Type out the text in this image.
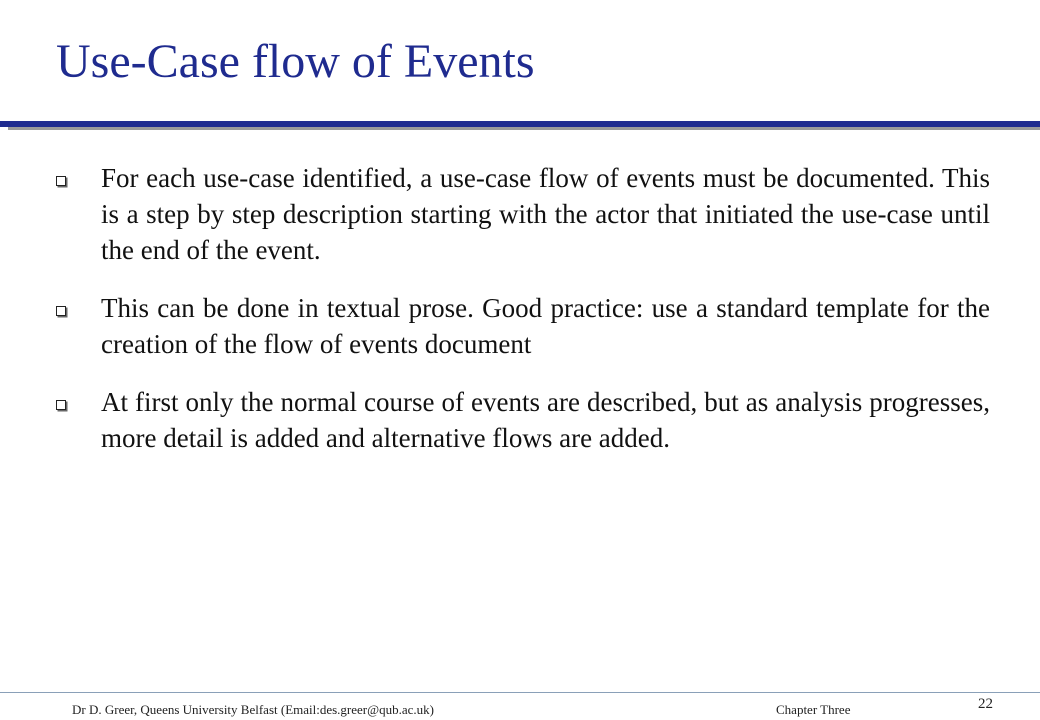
Use-Case flow of Events
For each use-case identified, a use-case flow of events must be documented. This is a step by step description starting with the actor that initiated the use-case until the end of the event.
This can be done in textual prose. Good practice: use a standard template for the creation of the flow of events document
At first only the normal course of events are described, but as analysis progresses, more detail is added and alternative flows are added.
Dr D. Greer, Queens University Belfast (Email:des.greer@qub.ac.uk)	Chapter Three	22
